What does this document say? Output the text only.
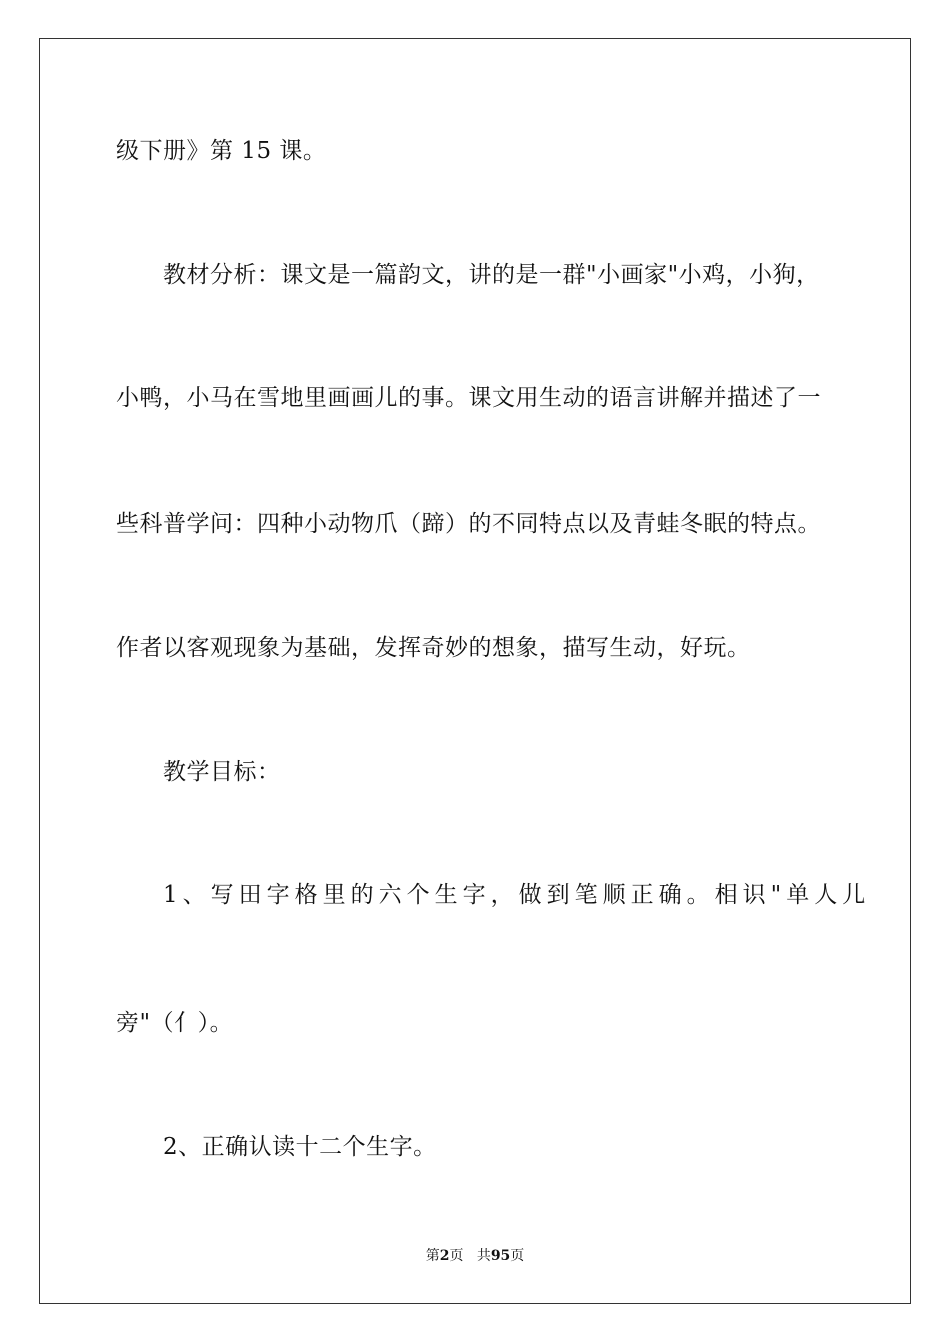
级下册》第 15 课。
教材分析：课文是一篇韵文，讲的是一群"小画家"小鸡，小狗，
小鸭，小马在雪地里画画儿的事。课文用生动的语言讲解并描述了一
些科普学问：四种小动物爪（蹄）的不同特点以及青蛙冬眠的特点。
作者以客观现象为基础，发挥奇妙的想象，描写生动，好玩。
教学目标：
1、写田字格里的六个生字，做到笔顺正确。相识"单人儿
旁"（亻）。
2、正确认读十二个生字。
第2页 共95页
